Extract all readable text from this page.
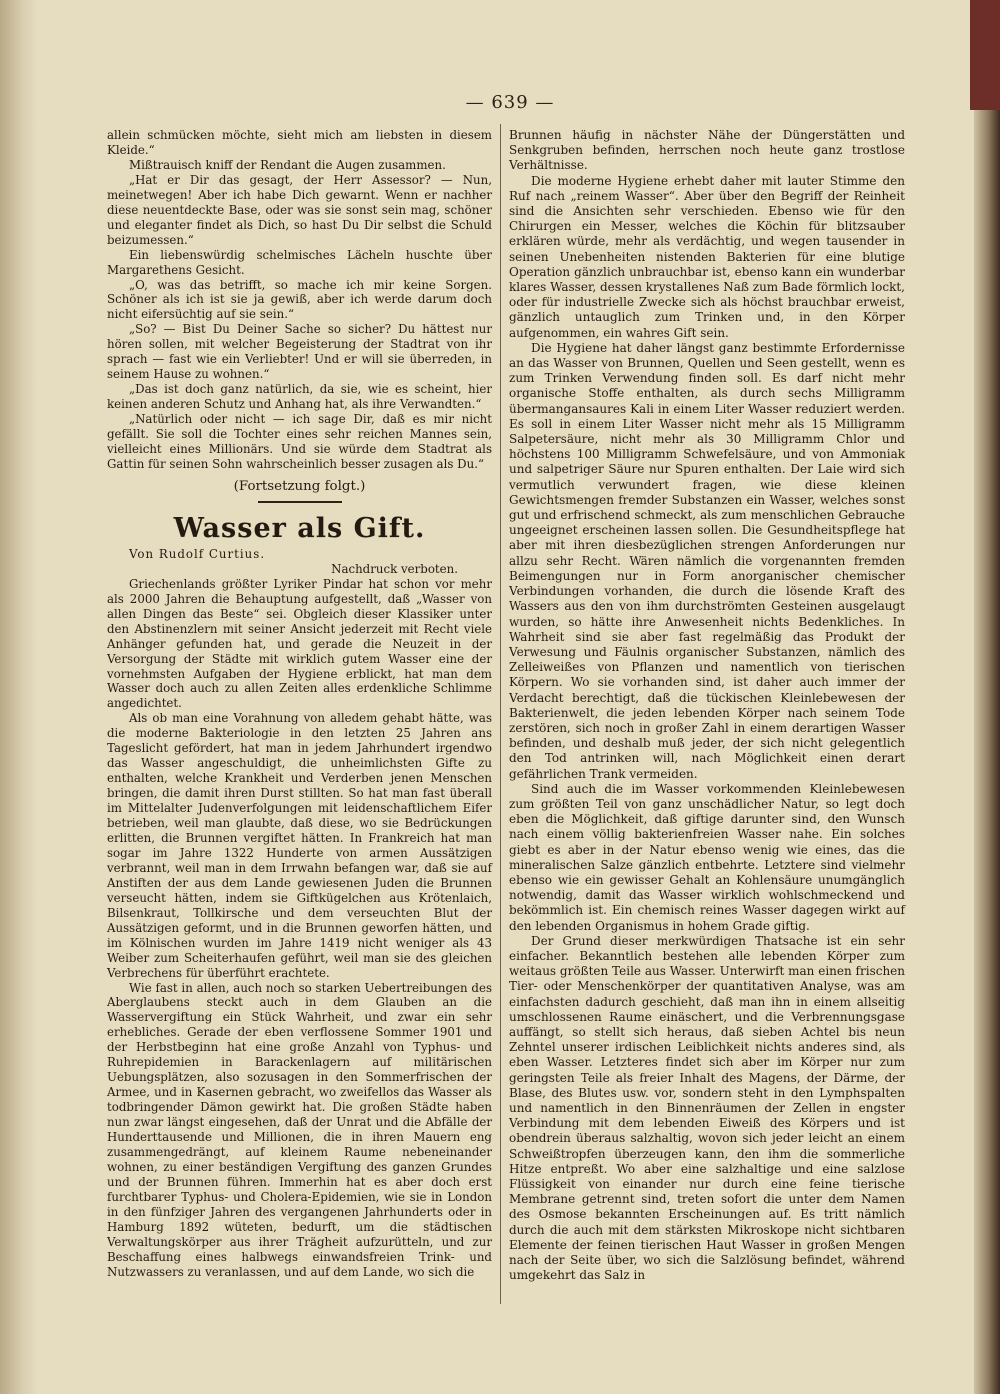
— 639 —

allein schmücken möchte, sieht mich am liebsten in diesem Kleide.“

Mißtrauisch kniff der Rendant die Augen zusammen.

„Hat er Dir das gesagt, der Herr Assessor? — Nun, meinetwegen! Aber ich habe Dich gewarnt. Wenn er nachher diese neuentdeckte Base, oder was sie sonst sein mag, schöner und eleganter findet als Dich, so hast Du Dir selbst die Schuld beizumessen.“

Ein liebenswürdig schelmisches Lächeln huschte über Margarethens Gesicht.

„O, was das betrifft, so mache ich mir keine Sorgen. Schöner als ich ist sie ja gewiß, aber ich werde darum doch nicht eifersüchtig auf sie sein.“

„So? — Bist Du Deiner Sache so sicher? Du hättest nur hören sollen, mit welcher Begeisterung der Stadtrat von ihr sprach — fast wie ein Verliebter! Und er will sie überreden, in seinem Hause zu wohnen.“

„Das ist doch ganz natürlich, da sie, wie es scheint, hier keinen anderen Schutz und Anhang hat, als ihre Verwandten.“

„Natürlich oder nicht — ich sage Dir, daß es mir nicht gefällt. Sie soll die Tochter eines sehr reichen Mannes sein, vielleicht eines Millionärs. Und sie würde dem Stadtrat als Gattin für seinen Sohn wahrscheinlich besser zusagen als Du.“

(Fortsetzung folgt.)
Wasser als Gift.

Von Rudolf Curtius.

Nachdruck verboten.

Griechenlands größter Lyriker Pindar hat schon vor mehr als 2000 Jahren die Behauptung aufgestellt, daß „Wasser von allen Dingen das Beste“ sei. Obgleich dieser Klassiker unter den Abstinenzlern mit seiner Ansicht jederzeit mit Recht viele Anhänger gefunden hat, und gerade die Neuzeit in der Versorgung der Städte mit wirklich gutem Wasser eine der vornehmsten Aufgaben der Hygiene erblickt, hat man dem Wasser doch auch zu allen Zeiten alles erdenkliche Schlimme angedichtet.

Als ob man eine Vorahnung von alledem gehabt hätte, was die moderne Bakteriologie in den letzten 25 Jahren ans Tageslicht gefördert, hat man in jedem Jahrhundert irgendwo das Wasser angeschuldigt, die unheimlichsten Gifte zu enthalten, welche Krankheit und Verderben jenen Menschen bringen, die damit ihren Durst stillten. So hat man fast überall im Mittelalter Judenverfolgungen mit leidenschaftlichem Eifer betrieben, weil man glaubte, daß diese, wo sie Bedrückungen erlitten, die Brunnen vergiftet hätten. In Frankreich hat man sogar im Jahre 1322 Hunderte von armen Aussätzigen verbrannt, weil man in dem Irrwahn befangen war, daß sie auf Anstiften der aus dem Lande gewiesenen Juden die Brunnen verseucht hätten, indem sie Giftkügelchen aus Krötenlaich, Bilsenkraut, Tollkirsche und dem verseuchten Blut der Aussätzigen geformt, und in die Brunnen geworfen hätten, und im Kölnischen wurden im Jahre 1419 nicht weniger als 43 Weiber zum Scheiterhaufen geführt, weil man sie des gleichen Verbrechens für überführt erachtete.

Wie fast in allen, auch noch so starken Uebertreibungen des Aberglaubens steckt auch in dem Glauben an die Wasservergiftung ein Stück Wahrheit, und zwar ein sehr erhebliches. Gerade der eben verflossene Sommer 1901 und der Herbstbeginn hat eine große Anzahl von Typhus- und Ruhrepidemien in Barackenlagern auf militärischen Uebungsplätzen, also sozusagen in den Sommerfrischen der Armee, und in Kasernen gebracht, wo zweifellos das Wasser als todbringender Dämon gewirkt hat. Die großen Städte haben nun zwar längst eingesehen, daß der Unrat und die Abfälle der Hunderttausende und Millionen, die in ihren Mauern eng zusammengedrängt, auf kleinem Raume nebeneinander wohnen, zu einer beständigen Vergiftung des ganzen Grundes und der Brunnen führen. Immerhin hat es aber doch erst furchtbarer Typhus- und Cholera-Epidemien, wie sie in London in den fünfziger Jahren des vergangenen Jahrhunderts oder in Hamburg 1892 wüteten, bedurft, um die städtischen Verwaltungskörper aus ihrer Trägheit aufzurütteln, und zur Beschaffung eines halbwegs einwandsfreien Trink- und Nutzwassers zu veranlassen, und auf dem Lande, wo sich die

Brunnen häufig in nächster Nähe der Düngerstätten und Senkgruben befinden, herrschen noch heute ganz trostlose Verhältnisse.

Die moderne Hygiene erhebt daher mit lauter Stimme den Ruf nach „reinem Wasser“. Aber über den Begriff der Reinheit sind die Ansichten sehr verschieden. Ebenso wie für den Chirurgen ein Messer, welches die Köchin für blitzsauber erklären würde, mehr als verdächtig, und wegen tausender in seinen Unebenheiten nistenden Bakterien für eine blutige Operation gänzlich unbrauchbar ist, ebenso kann ein wunderbar klares Wasser, dessen krystallenes Naß zum Bade förmlich lockt, oder für industrielle Zwecke sich als höchst brauchbar erweist, gänzlich untauglich zum Trinken und, in den Körper aufgenommen, ein wahres Gift sein.

Die Hygiene hat daher längst ganz bestimmte Erfordernisse an das Wasser von Brunnen, Quellen und Seen gestellt, wenn es zum Trinken Verwendung finden soll. Es darf nicht mehr organische Stoffe enthalten, als durch sechs Milligramm übermangansaures Kali in einem Liter Wasser reduziert werden. Es soll in einem Liter Wasser nicht mehr als 15 Milligramm Salpetersäure, nicht mehr als 30 Milligramm Chlor und höchstens 100 Milligramm Schwefelsäure, und von Ammoniak und salpetriger Säure nur Spuren enthalten. Der Laie wird sich vermutlich verwundert fragen, wie diese kleinen Gewichtsmengen fremder Substanzen ein Wasser, welches sonst gut und erfrischend schmeckt, als zum menschlichen Gebrauche ungeeignet erscheinen lassen sollen. Die Gesundheitspflege hat aber mit ihren diesbezüglichen strengen Anforderungen nur allzu sehr Recht. Wären nämlich die vorgenannten fremden Beimengungen nur in Form anorganischer chemischer Verbindungen vorhanden, die durch die lösende Kraft des Wassers aus den von ihm durchströmten Gesteinen ausgelaugt wurden, so hätte ihre Anwesenheit nichts Bedenkliches. In Wahrheit sind sie aber fast regelmäßig das Produkt der Verwesung und Fäulnis organischer Substanzen, nämlich des Zelleiweißes von Pflanzen und namentlich von tierischen Körpern. Wo sie vorhanden sind, ist daher auch immer der Verdacht berechtigt, daß die tückischen Kleinlebewesen der Bakterienwelt, die jeden lebenden Körper nach seinem Tode zerstören, sich noch in großer Zahl in einem derartigen Wasser befinden, und deshalb muß jeder, der sich nicht gelegentlich den Tod antrinken will, nach Möglichkeit einen derart gefährlichen Trank vermeiden.

Sind auch die im Wasser vorkommenden Kleinlebewesen zum größten Teil von ganz unschädlicher Natur, so legt doch eben die Möglichkeit, daß giftige darunter sind, den Wunsch nach einem völlig bakterienfreien Wasser nahe. Ein solches giebt es aber in der Natur ebenso wenig wie eines, das die mineralischen Salze gänzlich entbehrte. Letztere sind vielmehr ebenso wie ein gewisser Gehalt an Kohlensäure unumgänglich notwendig, damit das Wasser wirklich wohlschmeckend und bekömmlich ist. Ein chemisch reines Wasser dagegen wirkt auf den lebenden Organismus in hohem Grade giftig.

Der Grund dieser merkwürdigen Thatsache ist ein sehr einfacher. Bekanntlich bestehen alle lebenden Körper zum weitaus größten Teile aus Wasser. Unterwirft man einen frischen Tier- oder Menschenkörper der quantitativen Analyse, was am einfachsten dadurch geschieht, daß man ihn in einem allseitig umschlossenen Raume einäschert, und die Verbrennungsgase auffängt, so stellt sich heraus, daß sieben Achtel bis neun Zehntel unserer irdischen Leiblichkeit nichts anderes sind, als eben Wasser. Letzteres findet sich aber im Körper nur zum geringsten Teile als freier Inhalt des Magens, der Därme, der Blase, des Blutes usw. vor, sondern steht in den Lymphspalten und namentlich in den Binnenräumen der Zellen in engster Verbindung mit dem lebenden Eiweiß des Körpers und ist obendrein überaus salzhaltig, wovon sich jeder leicht an einem Schweißtropfen überzeugen kann, den ihm die sommerliche Hitze entpreßt. Wo aber eine salzhaltige und eine salzlose Flüssigkeit von einander nur durch eine feine tierische Membrane getrennt sind, treten sofort die unter dem Namen des Osmose bekannten Erscheinungen auf. Es tritt nämlich durch die auch mit dem stärksten Mikroskope nicht sichtbaren Elemente der feinen tierischen Haut Wasser in großen Mengen nach der Seite über, wo sich die Salzlösung befindet, während umgekehrt das Salz in
